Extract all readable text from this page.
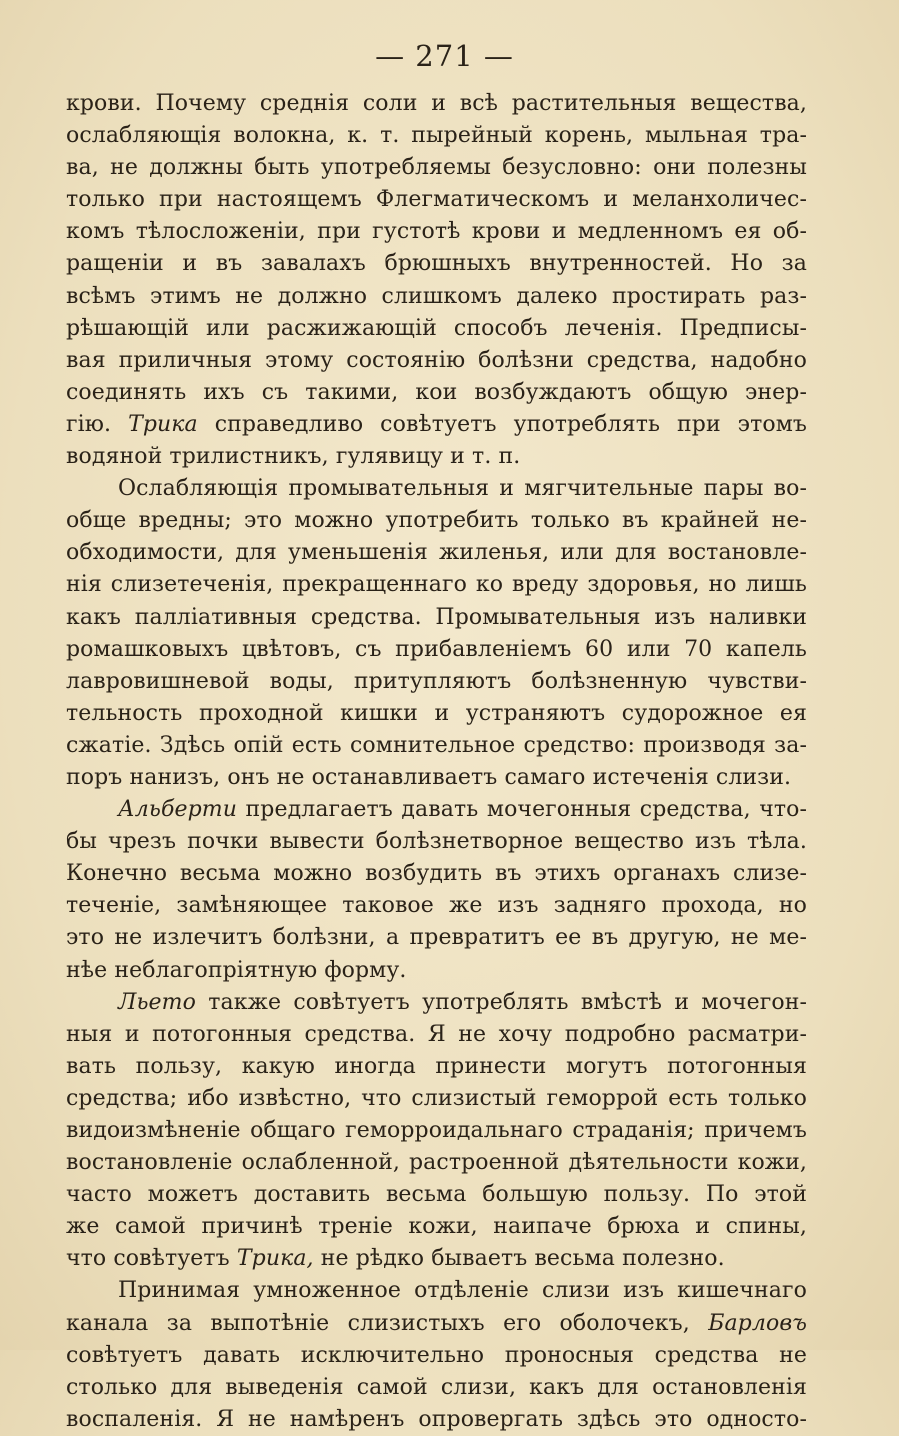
— 271 —
крови. Почему среднія соли и всѣ растительныя вещества,
ослабляющія волокна, к. т. пырейный корень, мыльная тра-
ва, не должны быть употребляемы безусловно: они полезны
только при настоящемъ Флегматическомъ и меланхоличес-
комъ тѣлосложеніи, при густотѣ крови и медленномъ ея об-
ращеніи и въ завалахъ брюшныхъ внутренностей. Но за
всѣмъ этимъ не должно слишкомъ далеко простирать раз-
рѣшающій или расжижающій способъ леченія. Предписы-
вая приличныя этому состоянію болѣзни средства, надобно
соединять ихъ съ такими, кои возбуждаютъ общую энер-
гію. Трика справедливо совѣтуетъ употреблять при этомъ
водяной трилистникъ, гулявицу и т. п.
Ослабляющія промывательныя и мягчительные пары во-
обще вредны; это можно употребить только въ крайней не-
обходимости, для уменьшенія жиленья, или для востановле-
нія слизетеченія, прекращеннаго ко вреду здоровья, но лишь
какъ палліативныя средства. Промывательныя изъ наливки
ромашковыхъ цвѣтовъ, съ прибавленіемъ 60 или 70 капель
лавровишневой воды, притупляютъ болѣзненную чувстви-
тельность проходной кишки и устраняютъ судорожное ея
сжатіе. Здѣсь опій есть сомнительное средство: производя за-
поръ нанизъ, онъ не останавливаетъ самаго истеченія слизи.
Альберти предлагаетъ давать мочегонныя средства, что-
бы чрезъ почки вывести болѣзнетворное вещество изъ тѣла.
Конечно весьма можно возбудить въ этихъ органахъ слизе-
теченіе, замѣняющее таковое же изъ заднягo прохода, но
это не излечитъ болѣзни, а превратитъ ее въ другую, не ме-
нѣе неблагопріятную форму.
Льето также совѣтуетъ употреблять вмѣстѣ и мочегон-
ныя и потогонныя средства. Я не хочу подробно расматри-
вать пользу, какую иногда принести могутъ потогонныя
средства; ибо извѣстно, что слизистый геморрой есть только
видоизмѣненіе общаго геморроидальнаго страданія; причемъ
востановленіе ослабленной, растроенной дѣятельности кожи,
часто можетъ доставить весьма большую пользу. По этой
же самой причинѣ треніе кожи, наипаче брюха и спины,
что совѣтуетъ Трика, не рѣдко бываетъ весьма полезно.
Принимая умноженное отдѣленіе слизи изъ кишечнагo
канала за выпотѣніе слизистыхъ его оболочекъ, Барловъ
совѣтуетъ давать исключительно проносныя средства не
столько для выведенія самой слизи, какъ для остановленія
воспаленія. Я не намѣренъ опровергать здѣсь это односто-
